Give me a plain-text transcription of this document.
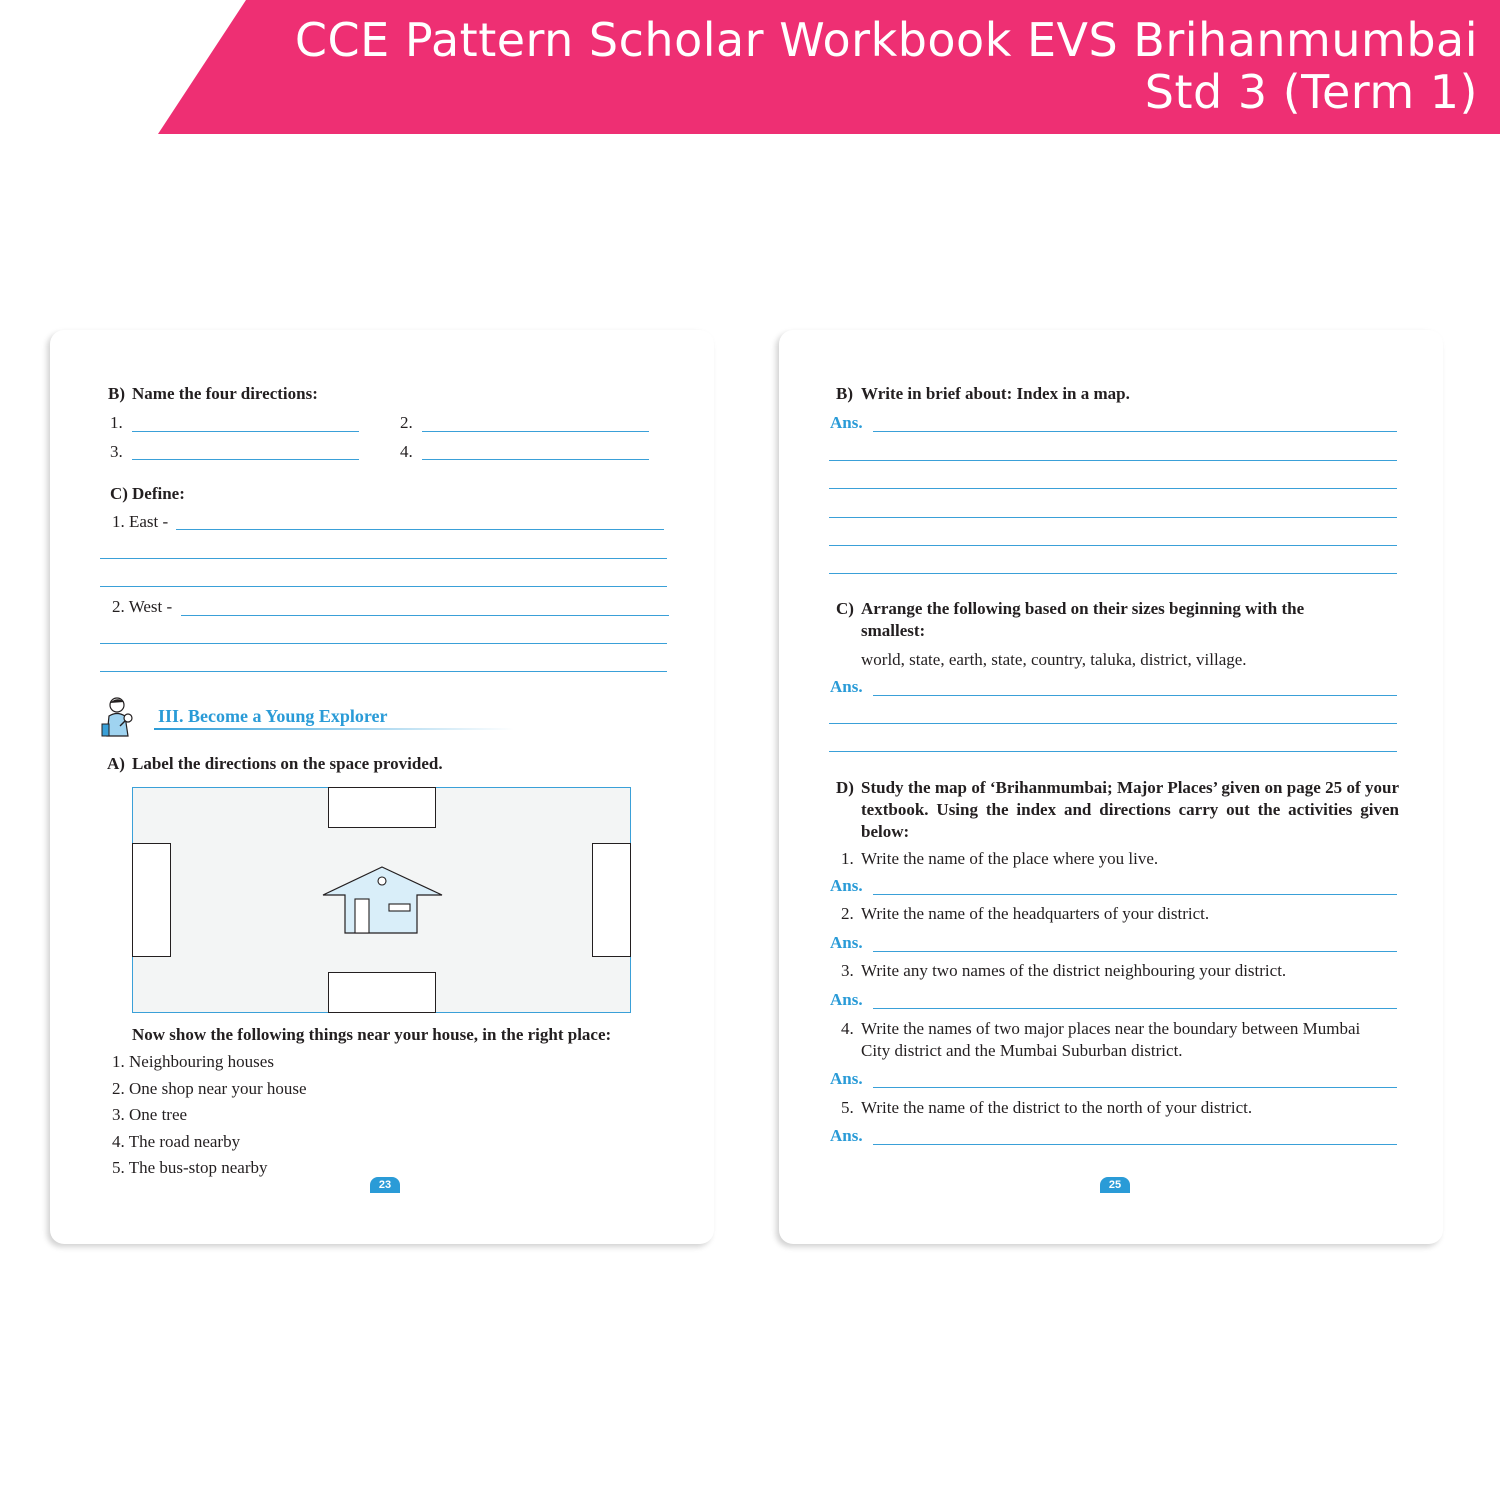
CCE Pattern Scholar Workbook EVS Brihanmumbai
Std 3 (Term 1)
B) Name the four directions:
1.	2.
3.	4.
C) Define:
1. East -
2. West -
III. Become a Young Explorer
A) Label the directions on the space provided.
Now show the following things near your house, in the right place:
1. Neighbouring houses
2. One shop near your house
3. One tree
4. The road nearby
5. The bus-stop nearby
23
B) Write in brief about: Index in a map.
Ans.
C) Arrange the following based on their sizes beginning with the
smallest:
world, state, earth, state, country, taluka, district, village.
Ans.
D) Study the map of ‘Brihanmumbai; Major Places’ given on page 25 of your
textbook. Using the index and directions carry out the activities given
below:
1. Write the name of the place where you live.
Ans.
2. Write the name of the headquarters of your district.
Ans.
3. Write any two names of the district neighbouring your district.
Ans.
4. Write the names of two major places near the boundary between Mumbai
City district and the Mumbai Suburban district.
Ans.
5. Write the name of the district to the north of your district.
Ans.
25
